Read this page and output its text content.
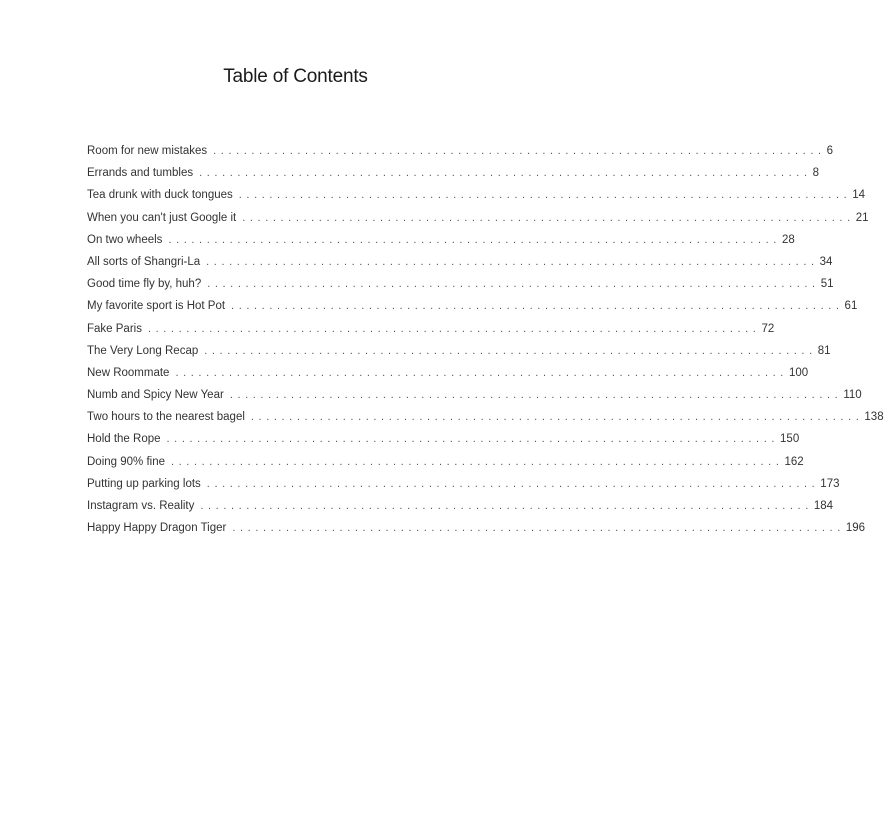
Table of Contents
Room for new mistakes ................................................................................ 6
Errands and tumbles ................................................................................ 8
Tea drunk with duck tongues ................................................................................ 14
When you can't just Google it ................................................................................ 21
On two wheels ................................................................................ 28
All sorts of Shangri-La ................................................................................ 34
Good time fly by, huh? ................................................................................ 51
My favorite sport is Hot Pot ................................................................................ 61
Fake Paris ................................................................................ 72
The Very Long Recap ................................................................................ 81
New Roommate ................................................................................ 100
Numb and Spicy New Year ................................................................................ 110
Two hours to the nearest bagel ................................................................................ 138
Hold the Rope ................................................................................ 150
Doing 90% fine ................................................................................ 162
Putting up parking lots ................................................................................ 173
Instagram vs. Reality ................................................................................ 184
Happy Happy Dragon Tiger ................................................................................ 196
